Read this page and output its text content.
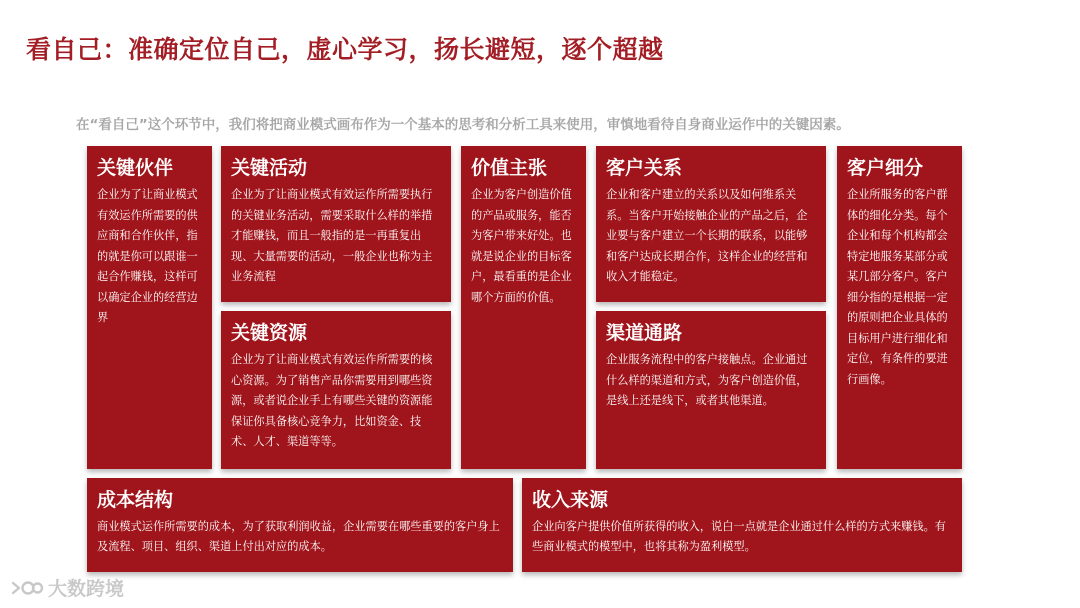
看自己：准确定位自己，虚心学习，扬长避短，逐个超越
在“看自己”这个环节中，我们将把商业模式画布作为一个基本的思考和分析工具来使用，审慎地看待自身商业运作中的关键因素。
关键伙伴
企业为了让商业模式有效运作所需要的供应商和合作伙伴，指的就是你可以跟谁一起合作赚钱，这样可以确定企业的经营边界
关键活动
企业为了让商业模式有效运作所需要执行的关键业务活动，需要采取什么样的举措才能赚钱，而且一般指的是一再重复出现、大量需要的活动，一般企业也称为主业务流程
关键资源
企业为了让商业模式有效运作所需要的核心资源。为了销售产品你需要用到哪些资源，或者说企业手上有哪些关键的资源能保证你具备核心竞争力，比如资金、技术、人才、渠道等等。
价值主张
企业为客户创造价值的产品或服务，能否为客户带来好处。也就是说企业的目标客户，最看重的是企业哪个方面的价值。
客户关系
企业和客户建立的关系以及如何维系关系。当客户开始接触企业的产品之后，企业要与客户建立一个长期的联系，以能够和客户达成长期合作，这样企业的经营和收入才能稳定。
渠道通路
企业服务流程中的客户接触点。企业通过什么样的渠道和方式，为客户创造价值，是线上还是线下，或者其他渠道。
客户细分
企业所服务的客户群体的细化分类。每个企业和每个机构都会特定地服务某部分或某几部分客户。客户细分指的是根据一定的原则把企业具体的目标用户进行细化和定位，有条件的要进行画像。
成本结构
商业模式运作所需要的成本，为了获取利润收益，企业需要在哪些重要的客户身上及流程、项目、组织、渠道上付出对应的成本。
收入来源
企业向客户提供价值所获得的收入，说白一点就是企业通过什么样的方式来赚钱。有些商业模式的模型中，也将其称为盈利模型。
大数跨境
